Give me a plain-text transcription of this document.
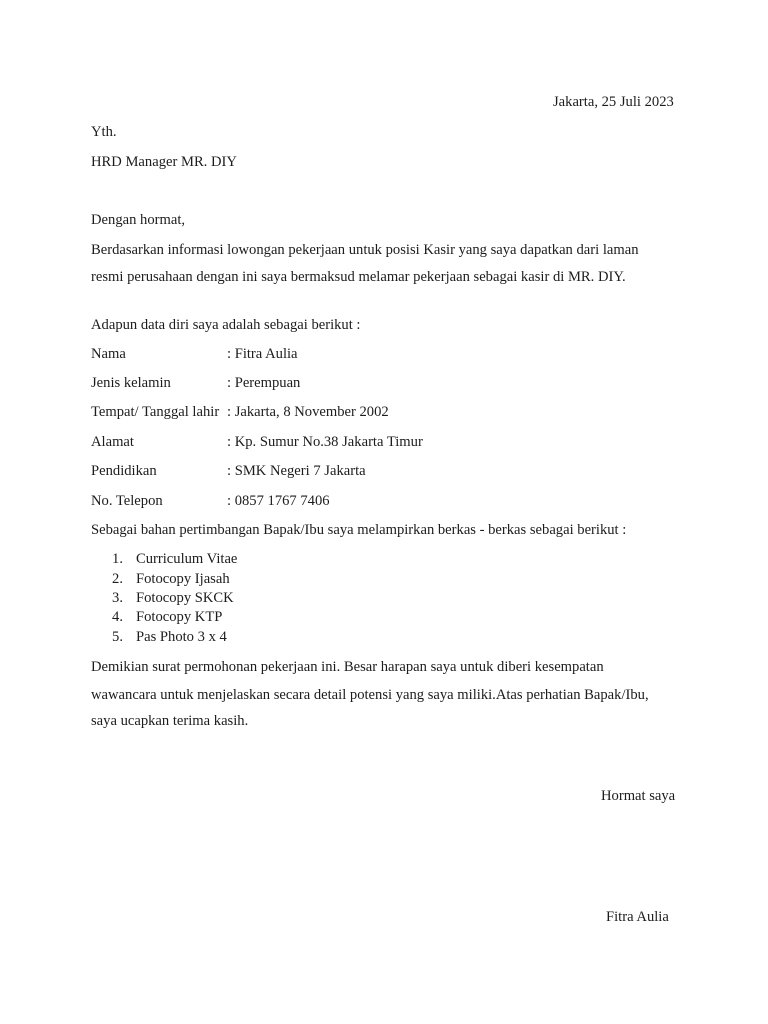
Jakarta, 25 Juli 2023
Yth.
HRD Manager MR. DIY
Dengan hormat,
Berdasarkan informasi lowongan pekerjaan untuk posisi Kasir yang saya dapatkan dari laman
resmi perusahaan dengan ini saya bermaksud melamar pekerjaan sebagai kasir di MR. DIY.
Adapun data diri saya adalah sebagai berikut :
Nama	: Fitra Aulia
Jenis kelamin	: Perempuan
Tempat/ Tanggal lahir : Jakarta, 8 November 2002
Alamat	: Kp. Sumur No.38 Jakarta Timur
Pendidikan	: SMK Negeri 7 Jakarta
No. Telepon	: 0857 1767 7406
Sebagai bahan pertimbangan Bapak/Ibu saya melampirkan berkas - berkas sebagai berikut :
1. Curriculum Vitae
2. Fotocopy Ijasah
3. Fotocopy SKCK
4. Fotocopy KTP
5. Pas Photo 3 x 4
Demikian surat permohonan pekerjaan ini. Besar harapan saya untuk diberi kesempatan
wawancara untuk menjelaskan secara detail potensi yang saya miliki.Atas perhatian Bapak/Ibu,
saya ucapkan terima kasih.
Hormat saya
Fitra Aulia
